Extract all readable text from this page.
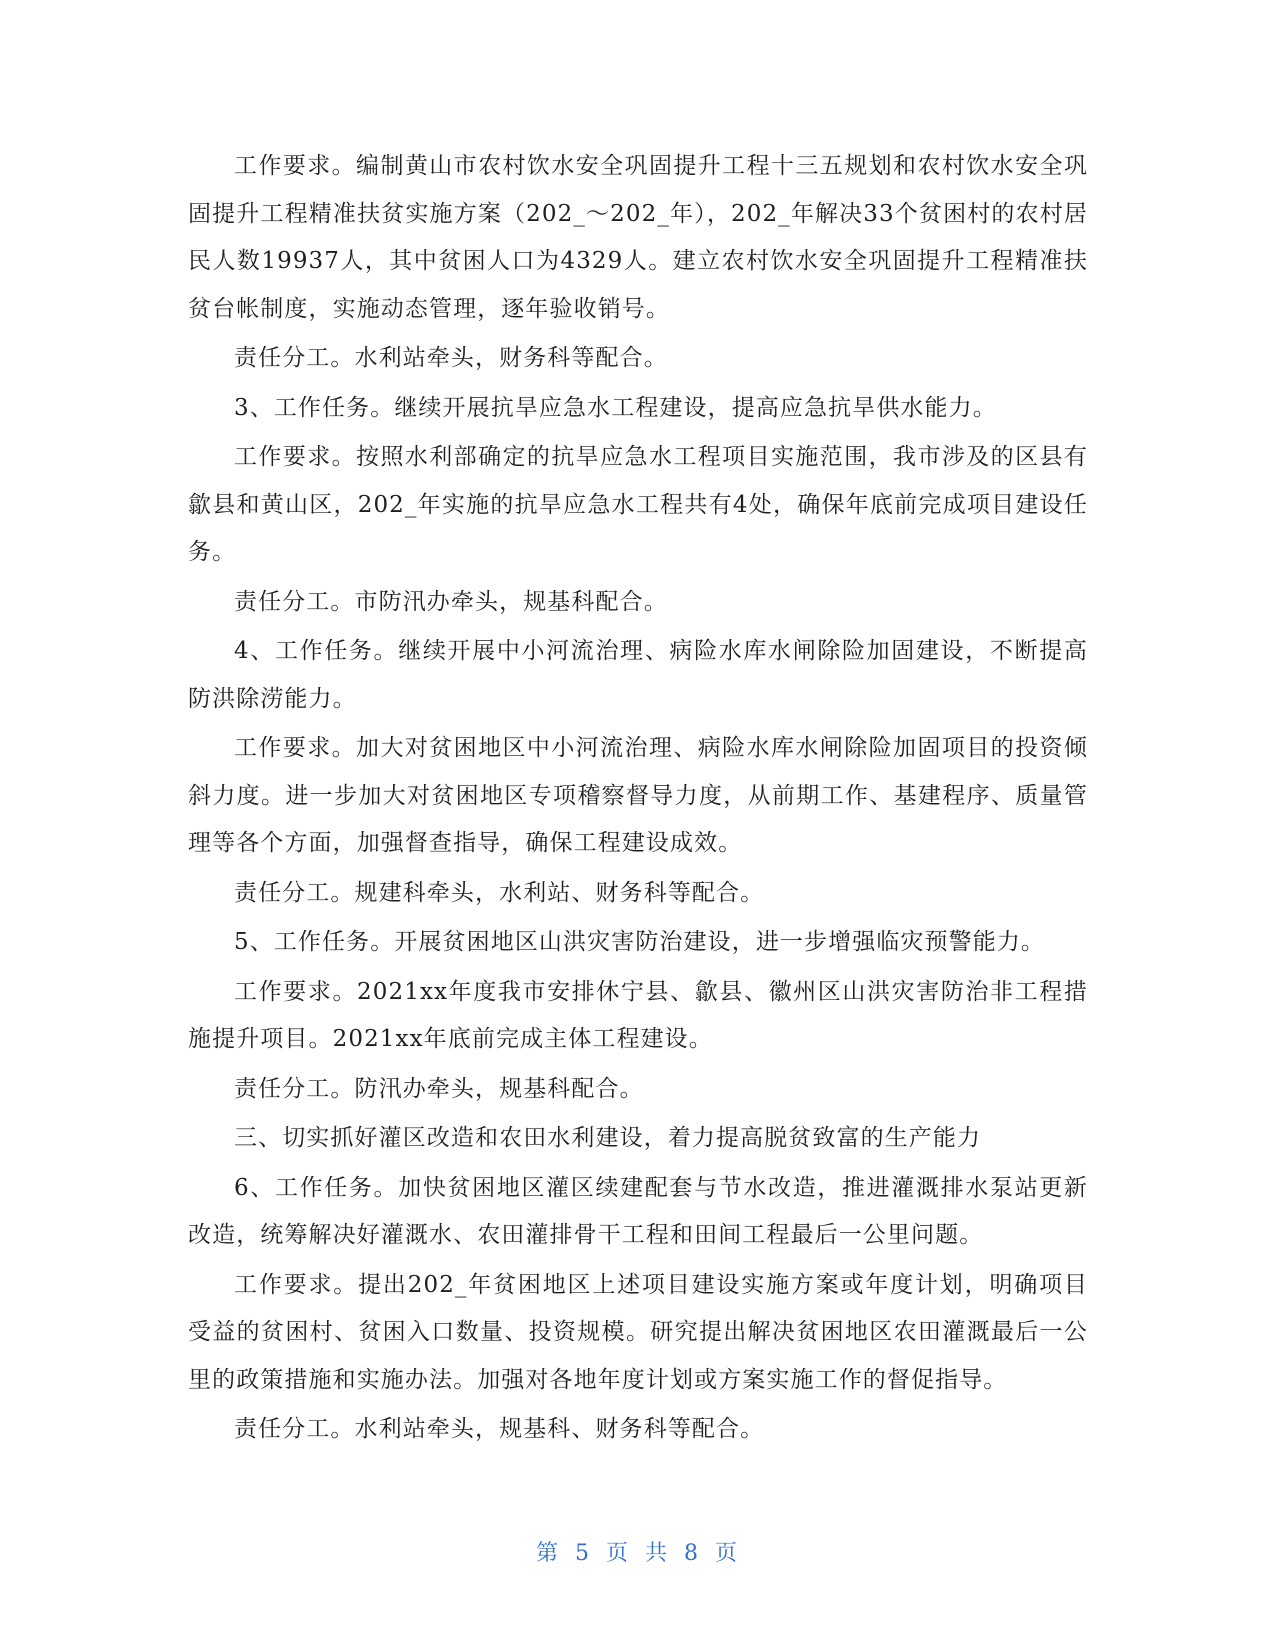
工作要求。编制黄山市农村饮水安全巩固提升工程十三五规划和农村饮水安全巩固提升工程精准扶贫实施方案（202_～202_年），202_年解决33个贫困村的农村居民人数19937人，其中贫困人口为4329人。建立农村饮水安全巩固提升工程精准扶贫台帐制度，实施动态管理，逐年验收销号。

责任分工。水利站牵头，财务科等配合。

3、工作任务。继续开展抗旱应急水工程建设，提高应急抗旱供水能力。

工作要求。按照水利部确定的抗旱应急水工程项目实施范围，我市涉及的区县有歙县和黄山区，202_年实施的抗旱应急水工程共有4处，确保年底前完成项目建设任务。

责任分工。市防汛办牵头，规基科配合。

4、工作任务。继续开展中小河流治理、病险水库水闸除险加固建设，不断提高防洪除涝能力。

工作要求。加大对贫困地区中小河流治理、病险水库水闸除险加固项目的投资倾斜力度。进一步加大对贫困地区专项稽察督导力度，从前期工作、基建程序、质量管理等各个方面，加强督查指导，确保工程建设成效。

责任分工。规建科牵头，水利站、财务科等配合。

5、工作任务。开展贫困地区山洪灾害防治建设，进一步增强临灾预警能力。

工作要求。2021xx年度我市安排休宁县、歙县、徽州区山洪灾害防治非工程措施提升项目。2021xx年底前完成主体工程建设。

责任分工。防汛办牵头，规基科配合。

三、切实抓好灌区改造和农田水利建设，着力提高脱贫致富的生产能力

6、工作任务。加快贫困地区灌区续建配套与节水改造，推进灌溉排水泵站更新改造，统筹解决好灌溉水、农田灌排骨干工程和田间工程最后一公里问题。

工作要求。提出202_年贫困地区上述项目建设实施方案或年度计划，明确项目受益的贫困村、贫困入口数量、投资规模。研究提出解决贫困地区农田灌溉最后一公里的政策措施和实施办法。加强对各地年度计划或方案实施工作的督促指导。

责任分工。水利站牵头，规基科、财务科等配合。

第 5 页 共 8 页
